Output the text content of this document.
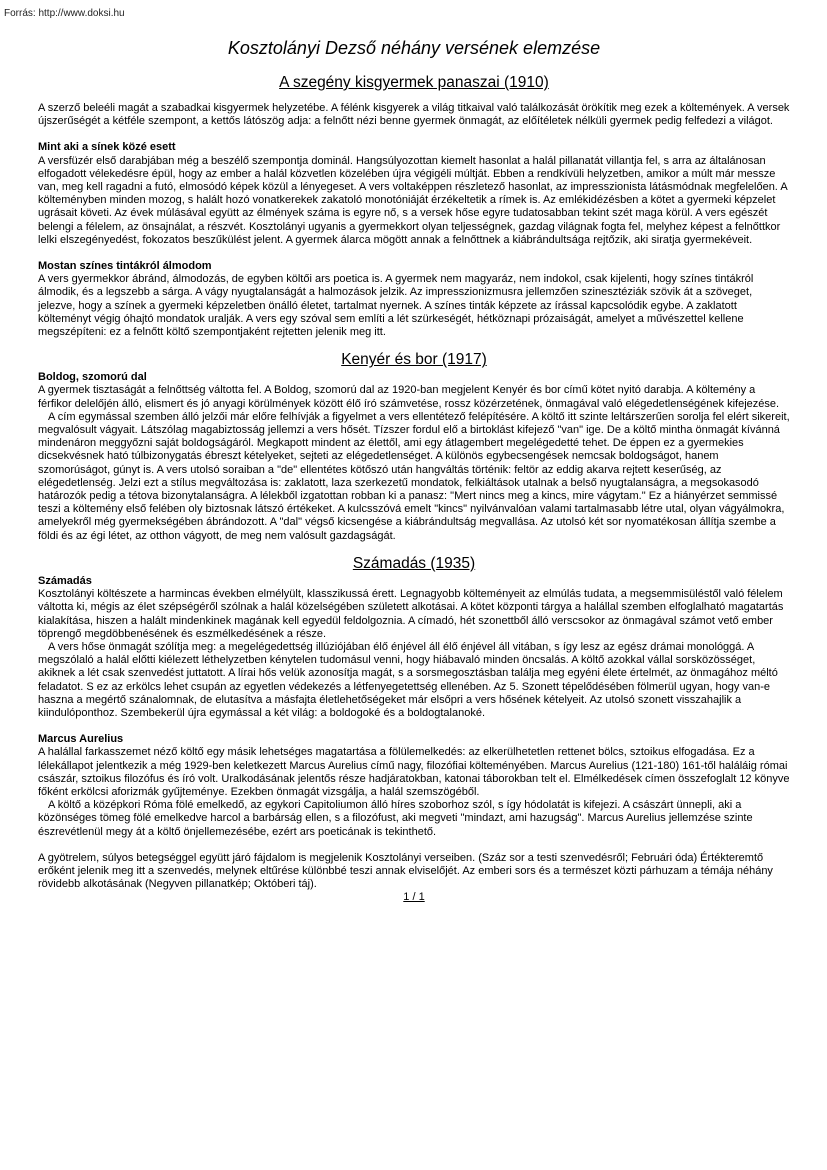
Forrás: http://www.doksi.hu
Kosztolányi Dezső néhány versének elemzése
A szegény kisgyermek panaszai (1910)

A szerző beleéli magát a szabadkai kisgyermek helyzetébe. A félénk kisgyerek a világ titkaival való találkozását örökítik meg ezek a költemények. A versek újszerűségét a kétféle szempont, a kettős látószög adja: a felnőtt nézi benne gyermek önmagát, az előítéletek nélküli gyermek pedig felfedezi a világot.

Mint aki a sínek közé esett

A versfüzér első darabjában még a beszélő szempontja dominál. Hangsúlyozottan kiemelt hasonlat a halál pillanatát villantja fel, s arra az általánosan elfogadott vélekedésre épül, hogy az ember a halál közvetlen közelében újra végigéli múltját. Ebben a rendkívüli helyzetben, amikor a múlt már messze van, meg kell ragadni a futó, elmosódó képek közül a lényegeset. A vers voltaképpen részletező hasonlat, az impresszionista látásmódnak megfelelően. A költeményben minden mozog, s halált hozó vonatkerekek zakatoló monotóniáját érzékeltetik a rímek is. Az emlékidézésben a kötet a gyermeki képzelet ugrásait követi. Az évek múlásával együtt az élmények száma is egyre nő, s a versek hőse egyre tudatosabban tekint szét maga körül. A vers egészét belengi a félelem, az önsajnálat, a részvét. Kosztolányi ugyanis a gyermekkort olyan teljességnek, gazdag világnak fogta fel, melyhez képest a felnőttkor lelki elszegényedést, fokozatos beszűkülést jelent. A gyermek álarca mögött annak a felnőttnek a kiábrándultsága rejtőzik, aki siratja gyermekéveit.

Mostan színes tintákról álmodom

A vers gyermekkor ábránd, álmodozás, de egyben költői ars poetica is. A gyermek nem magyaráz, nem indokol, csak kijelenti, hogy színes tintákról álmodik, és a legszebb a sárga. A vágy nyugtalanságát a halmozások jelzik. Az impresszionizmusra jellemzően szinesztéziák szövik át a szöveget, jelezve, hogy a színek a gyermeki képzeletben önálló életet, tartalmat nyernek. A színes tinták képzete az írással kapcsolódik egybe. A zaklatott költeményt végig óhajtó mondatok uralják. A vers egy szóval sem említi a lét szürkeségét, hétköznapi prózaiságát, amelyet a művészettel kellene megszépíteni: ez a felnőtt költő szempontjaként rejtetten jelenik meg itt.

Kenyér és bor (1917)
Boldog, szomorú dal

A gyermek tisztaságát a felnőttség váltotta fel. A Boldog, szomorú dal az 1920-ban megjelent Kenyér és bor című kötet nyitó darabja. A költemény a férfikor delelőjén álló, elismert és jó anyagi körülmények között élő író számvetése, rossz közérzetének, önmagával való elégedetlenségének kifejezése.

A cím egymással szemben álló jelzői már előre felhívják a figyelmet a vers ellentétező felépítésére. A költő itt szinte leltárszerűen sorolja fel elért sikereit, megvalósult vágyait. Látszólag magabiztosság jellemzi a vers hősét. Tízszer fordul elő a birtoklást kifejező "van" ige. De a költő mintha önmagát kívánná mindenáron meggyőzni saját boldogságáról. Megkapott mindent az élettől, ami egy átlagembert megelégedetté tehet. De éppen ez a gyermekies dicsekvésnek ható túlbizonygatás ébreszt kételyeket, sejteti az elégedetlenséget. A különös egybecsengések nemcsak boldogságot, hanem szomorúságot, gúnyt is. A vers utolsó soraiban a "de" ellentétes kötőszó után hangváltás történik: feltör az eddig akarva rejtett keserűség, az elégedetlenség. Jelzi ezt a stílus megváltozása is: zaklatott, laza szerkezetű mondatok, felkiáltások utalnak a belső nyugtalanságra, a megsokasodó határozók pedig a tétova bizonytalanságra. A lélekből izgatottan robban ki a panasz: "Mert nincs meg a kincs, mire vágytam." Ez a hiányérzet semmissé teszi a költemény első felében oly biztosnak látszó értékeket. A kulcsszóvá emelt "kincs" nyilvánvalóan valami tartalmasabb létre utal, olyan vágyálmokra, amelyekről még gyermekségében ábrándozott. A "dal" végső kicsengése a kiábrándultság megvallása. Az utolsó két sor nyomatékosan állítja szembe a földi és az égi létet, az otthon vágyott, de meg nem valósult gazdagságát.

Számadás (1935)
Számadás

Kosztolányi költészete a harmincas években elmélyült, klasszikussá érett. Legnagyobb költeményeit az elmúlás tudata, a megsemmisüléstől való félelem váltotta ki, mégis az élet szépségéről szólnak a halál közelségében született alkotásai. A kötet központi tárgya a halállal szemben elfoglalható magatartás kialakítása, hiszen a halált mindenkinek magának kell egyedül feldolgoznia. A címadó, hét szonettből álló verscsokor az önmagával számot vető ember töprengő megdöbbenésének és eszmélkedésének a része.

A vers hőse önmagát szólítja meg: a megelégedettség illúziójában élő énjével áll élő énjével áll vitában, s így lesz az egész drámai monológgá. A megszólaló a halál előtti kiélezett léthelyzetben kénytelen tudomásul venni, hogy hiábavaló minden öncsalás. A költő azokkal vállal sorsközösséget, akiknek a lét csak szenvedést juttatott. A lírai hős velük azonosítja magát, s a sorsmegosztásban találja meg egyéni élete értelmét, az önmagához méltó feladatot. S ez az erkölcs lehet csupán az egyetlen védekezés a létfenyegetettség ellenében. Az 5. Szonett tépelődésében fölmerül ugyan, hogy van-e haszna a megértő szánalomnak, de elutasítva a másfajta életlehetőségeket már elsőpri a vers hősének kételyeit. Az utolsó szonett visszahajlik a kiindulóponthoz. Szembekerül újra egymással a két világ: a boldogoké és a boldogtalanoké.

Marcus Aurelius

A halállal farkasszemet néző költő egy másik lehetséges magatartása a fölülemelkedés: az elkerülhetetlen rettenet bölcs, sztoikus elfogadása. Ez a lélekállapot jelentkezik a még 1929-ben keletkezett Marcus Aurelius című nagy, filozófiai költeményében. Marcus Aurelius (121-180) 161-től haláláig római császár, sztoikus filozófus és író volt. Uralkodásának jelentős része hadjáratokban, katonai táborokban telt el. Elmélkedések címen összefoglalt 12 könyve főként erkölcsi aforizmák gyűjteménye. Ezekben önmagát vizsgálja, a halál szemszögéből.

A költő a középkori Róma fölé emelkedő, az egykori Capitoliumon álló híres szoborhoz szól, s így hódolatát is kifejezi. A császárt ünnepli, aki a közönséges tömeg fölé emelkedve harcol a barbárság ellen, s a filozófust, aki megveti "mindazt, ami hazugság". Marcus Aurelius jellemzése szinte észrevétlenül megy át a költő önjellemezésébe, ezért ars poeticának is tekinthető.

A gyötrelem, súlyos betegséggel együtt járó fájdalom is megjelenik Kosztolányi verseiben. (Száz sor a testi szenvedésről; Februári óda) Értékteremtő erőként jelenik meg itt a szenvedés, melynek eltűrése különbbé teszi annak elviselőjét. Az emberi sors és a természet közti párhuzam a témája néhány rövidebb alkotásának (Negyven pillanatkép; Októberi táj).

1 / 1
